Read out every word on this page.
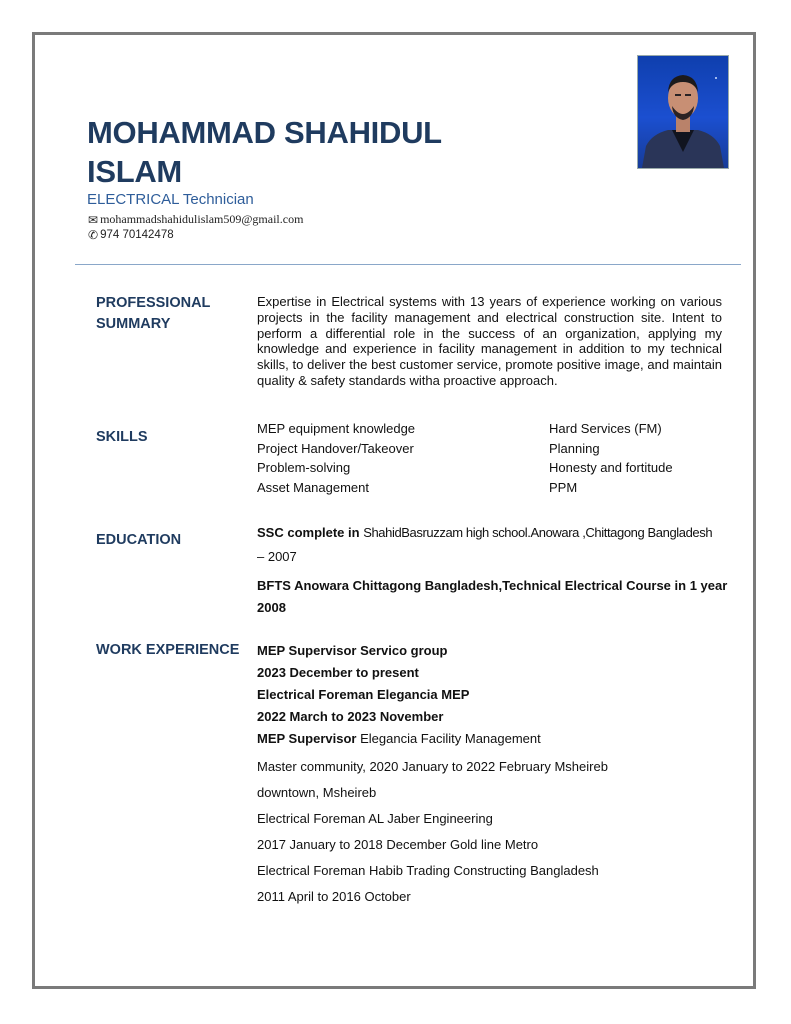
MOHAMMAD SHAHIDUL
ISLAM
ELECTRICAL Technician
✉ mohammadshahidulislam509@gmail.com
✆ 974 70142478
PROFESSIONAL
SUMMARY
Expertise in Electrical systems with 13 years of experience working on various projects in the facility management and electrical construction site. Intent to perform a differential role in the success of an organization, applying my knowledge and experience in facility management in addition to my technical skills, to deliver the best customer service, promote positive image, and maintain quality & safety standards witha proactive approach.
SKILLS
MEP equipment knowledge	Hard Services (FM)
Project Handover/Takeover	Planning
Problem-solving	Honesty and fortitude
Asset Management	PPM
EDUCATION	SSC complete in ShahidBasruzzam high school.Anowara ,Chittagong Bangladesh
– 2007
BFTS Anowara Chittagong Bangladesh,Technical Electrical Course in 1 year
2008
WORK EXPERIENCE MEP Supervisor Servico group
2023 December to present
Electrical Foreman Elegancia MEP
2022 March to 2023 November
MEP Supervisor Elegancia Facility Management
Master community, 2020 January to 2022 February Msheireb
downtown, Msheireb
Electrical Foreman AL Jaber Engineering
2017 January to 2018 December Gold line Metro
Electrical Foreman Habib Trading Constructing Bangladesh
2011 April to 2016 October
